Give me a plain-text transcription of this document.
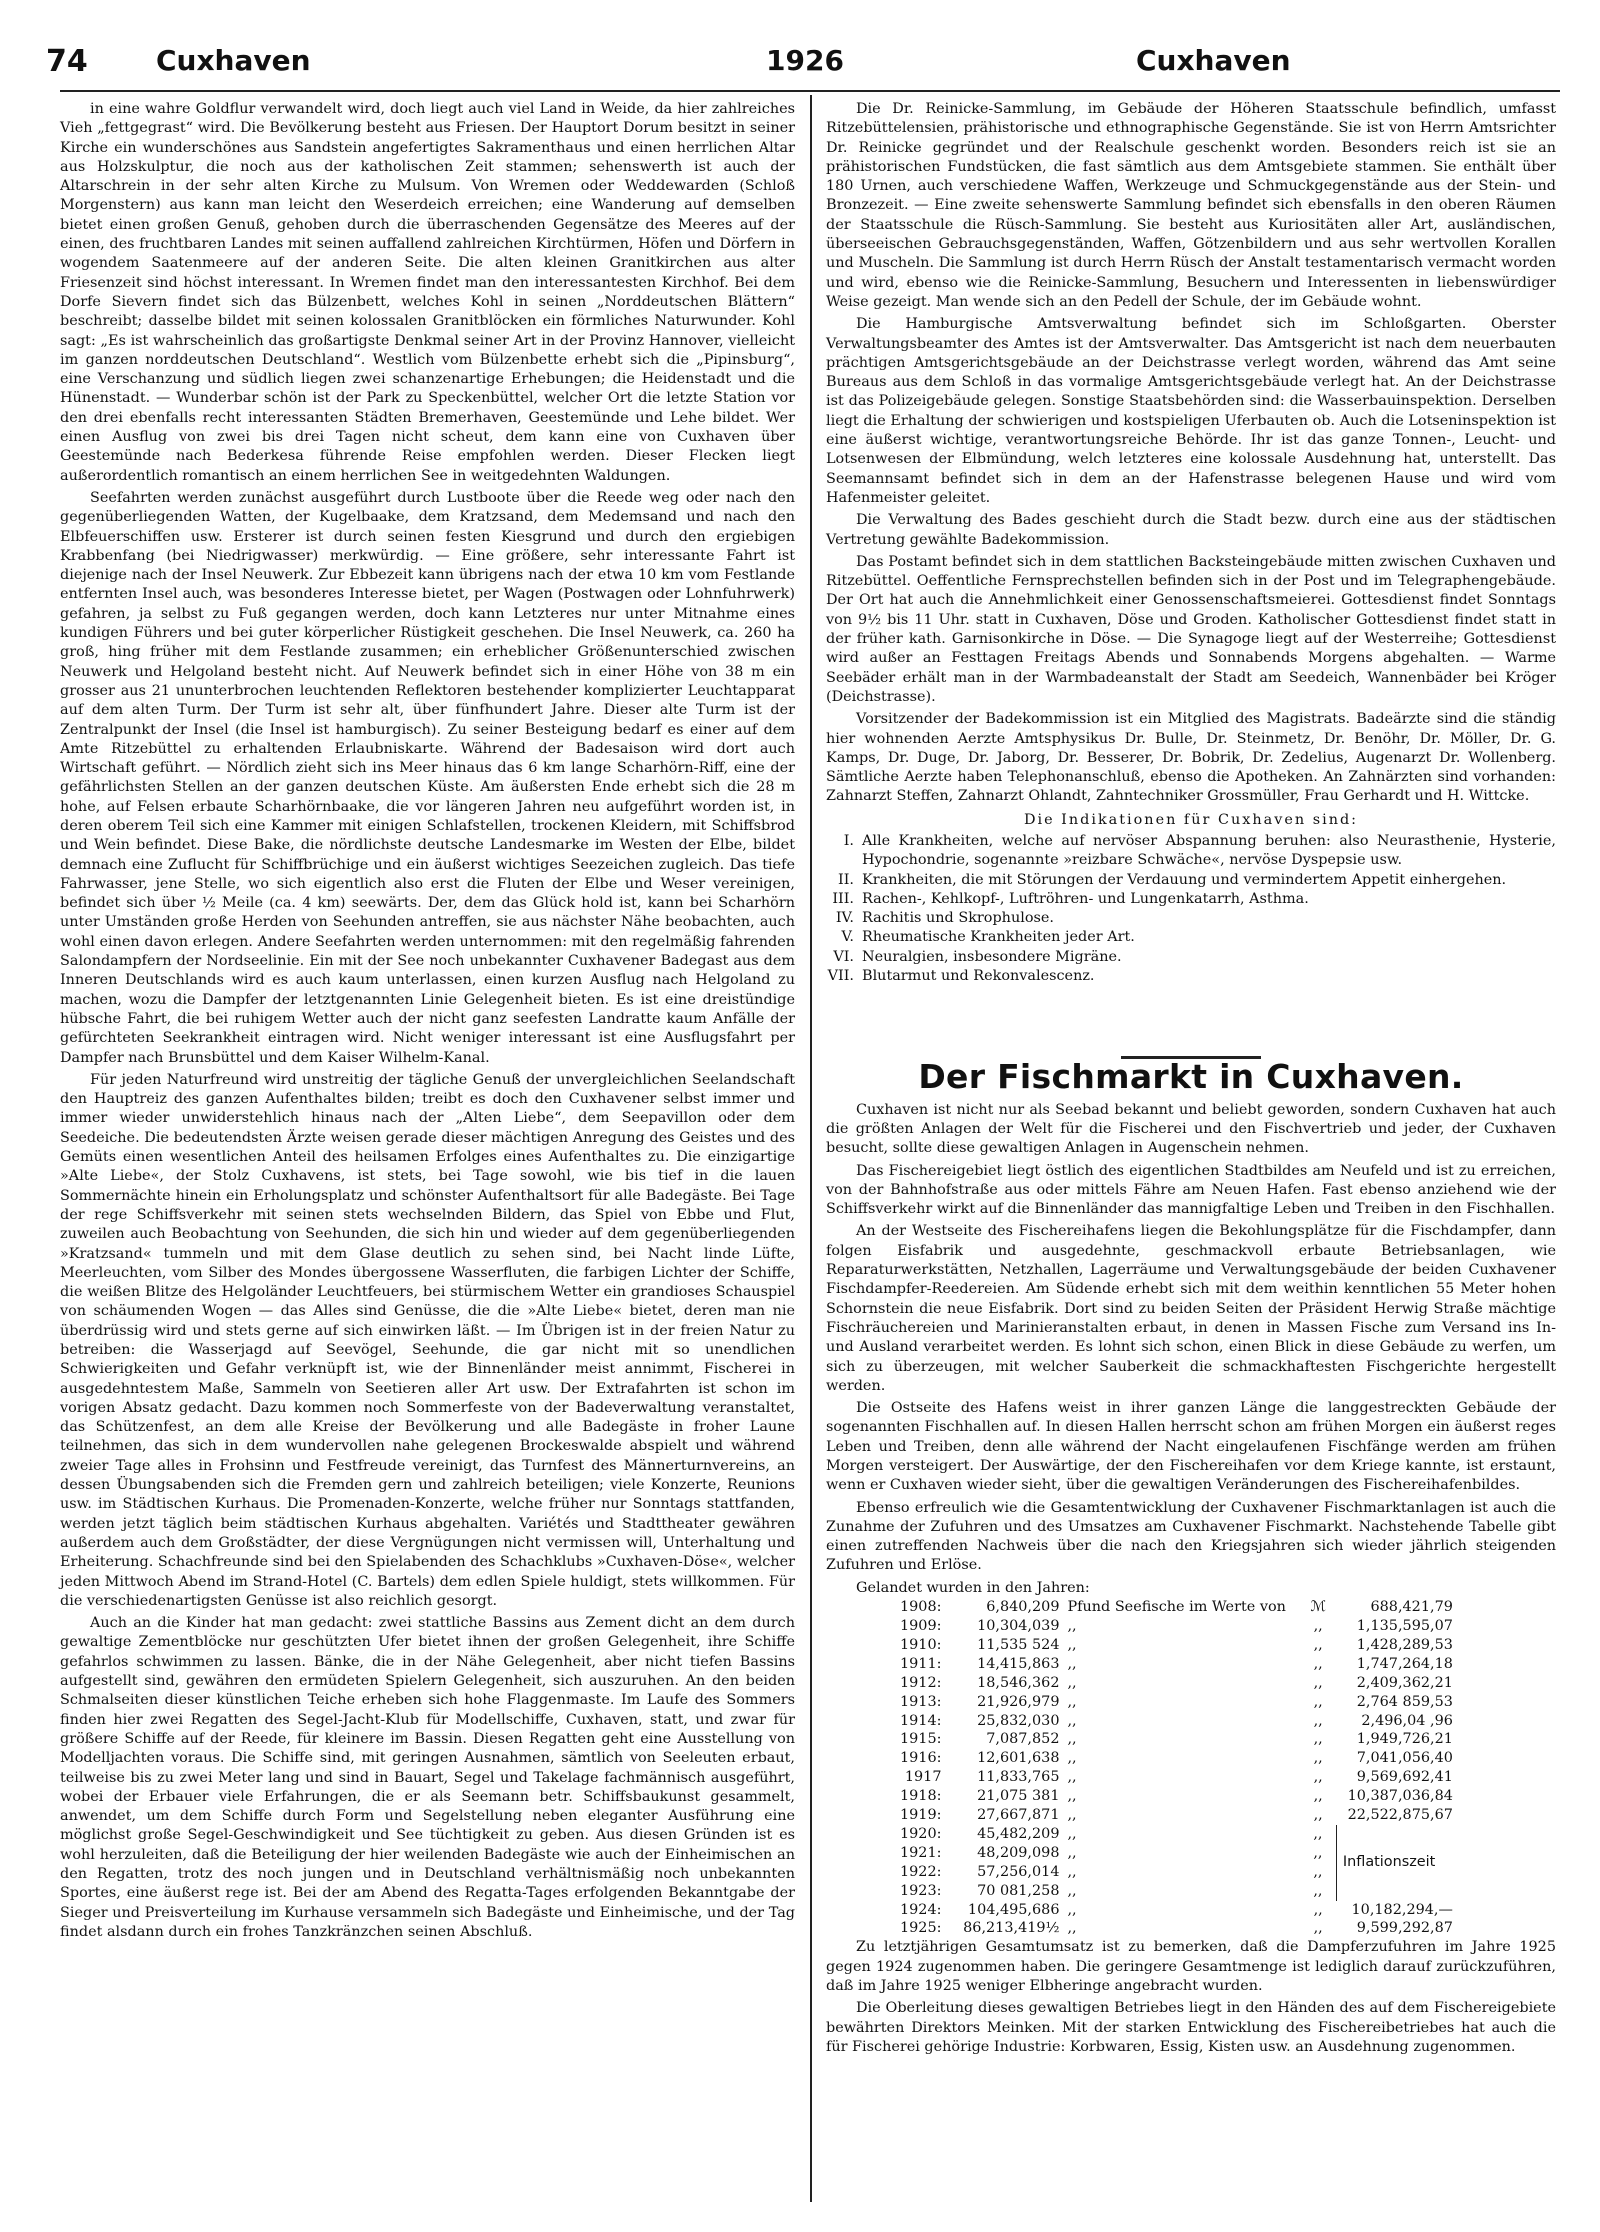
74 Cuxhaven	1926	Cuxhaven

in eine wahre Goldflur verwandelt wird, doch liegt auch viel Land in Weide, da hier zahlreiches Vieh „fettgegrast“ wird. Die Bevölkerung besteht aus Friesen. Der Hauptort Dorum besitzt in seiner Kirche ein wunderschönes aus Sandstein angefertigtes Sakramenthaus und einen herrlichen Altar aus Holzskulptur, die noch aus der katholischen Zeit stammen; sehenswerth ist auch der Altarschrein in der sehr alten Kirche zu Mulsum. Von Wremen oder Weddewarden (Schloß Morgenstern) aus kann man leicht den Weserdeich erreichen; eine Wanderung auf demselben bietet einen großen Genuß, gehoben durch die überraschenden Gegensätze des Meeres auf der einen, des fruchtbaren Landes mit seinen auffallend zahlreichen Kirchtürmen, Höfen und Dörfern in wogendem Saatenmeere auf der anderen Seite. Die alten kleinen Granitkirchen aus alter Friesenzeit sind höchst interessant. In Wremen findet man den interessantesten Kirchhof. Bei dem Dorfe Sievern findet sich das Bülzenbett, welches Kohl in seinen „Norddeutschen Blättern“ beschreibt; dasselbe bildet mit seinen kolossalen Granitblöcken ein förmliches Naturwunder. Kohl sagt: „Es ist wahrscheinlich das großartigste Denkmal seiner Art in der Provinz Hannover, vielleicht im ganzen norddeutschen Deutschland“. Westlich vom Bülzenbette erhebt sich die „Pipinsburg“, eine Verschanzung und südlich liegen zwei schanzenartige Erhebungen; die Heidenstadt und die Hünenstadt. — Wunderbar schön ist der Park zu Speckenbüttel, welcher Ort die letzte Station vor den drei ebenfalls recht interessanten Städten Bremerhaven, Geestemünde und Lehe bildet. Wer einen Ausflug von zwei bis drei Tagen nicht scheut, dem kann eine von Cuxhaven über Geestemünde nach Bederkesa führende Reise empfohlen werden. Dieser Flecken liegt außerordentlich romantisch an einem herrlichen See in weitgedehnten Waldungen.

Seefahrten werden zunächst ausgeführt durch Lustboote über die Reede weg oder nach den gegenüberliegenden Watten, der Kugelbaake, dem Kratzsand, dem Medemsand und nach den Elbfeuerschiffen usw. Ersterer ist durch seinen festen Kiesgrund und durch den ergiebigen Krabbenfang (bei Niedrigwasser) merkwürdig. — Eine größere, sehr interessante Fahrt ist diejenige nach der Insel Neuwerk. Zur Ebbezeit kann übrigens nach der etwa 10 km vom Festlande entfernten Insel auch, was besonderes Interesse bietet, per Wagen (Postwagen oder Lohnfuhrwerk) gefahren, ja selbst zu Fuß gegangen werden, doch kann Letzteres nur unter Mitnahme eines kundigen Führers und bei guter körperlicher Rüstigkeit geschehen. Die Insel Neuwerk, ca. 260 ha groß, hing früher mit dem Festlande zusammen; ein erheblicher Größenunterschied zwischen Neuwerk und Helgoland besteht nicht. Auf Neuwerk befindet sich in einer Höhe von 38 m ein grosser aus 21 ununterbrochen leuchtenden Reflektoren bestehender komplizierter Leuchtapparat auf dem alten Turm. Der Turm ist sehr alt, über fünfhundert Jahre. Dieser alte Turm ist der Zentralpunkt der Insel (die Insel ist hamburgisch). Zu seiner Besteigung bedarf es einer auf dem Amte Ritzebüttel zu erhaltenden Erlaubniskarte. Während der Badesaison wird dort auch Wirtschaft geführt. — Nördlich zieht sich ins Meer hinaus das 6 km lange Scharhörn-Riff, eine der gefährlichsten Stellen an der ganzen deutschen Küste. Am äußersten Ende erhebt sich die 28 m hohe, auf Felsen erbaute Scharhörnbaake, die vor längeren Jahren neu aufgeführt worden ist, in deren oberem Teil sich eine Kammer mit einigen Schlafstellen, trockenen Kleidern, mit Schiffsbrod und Wein befindet. Diese Bake, die nördlichste deutsche Landesmarke im Westen der Elbe, bildet demnach eine Zuflucht für Schiffbrüchige und ein äußerst wichtiges Seezeichen zugleich. Das tiefe Fahrwasser, jene Stelle, wo sich eigentlich also erst die Fluten der Elbe und Weser vereinigen, befindet sich über ½ Meile (ca. 4 km) seewärts. Der, dem das Glück hold ist, kann bei Scharhörn unter Umständen große Herden von Seehunden antreffen, sie aus nächster Nähe beobachten, auch wohl einen davon erlegen. Andere Seefahrten werden unternommen: mit den regelmäßig fahrenden Salondampfern der Nordseelinie. Ein mit der See noch unbekannter Cuxhavener Badegast aus dem Inneren Deutschlands wird es auch kaum unterlassen, einen kurzen Ausflug nach Helgoland zu machen, wozu die Dampfer der letztgenannten Linie Gelegenheit bieten. Es ist eine dreistündige hübsche Fahrt, die bei ruhigem Wetter auch der nicht ganz seefesten Landratte kaum Anfälle der gefürchteten Seekrankheit eintragen wird. Nicht weniger interessant ist eine Ausflugsfahrt per Dampfer nach Brunsbüttel und dem Kaiser Wilhelm-Kanal.

Für jeden Naturfreund wird unstreitig der tägliche Genuß der unvergleichlichen Seelandschaft den Hauptreiz des ganzen Aufenthaltes bilden; treibt es doch den Cuxhavener selbst immer und immer wieder unwiderstehlich hinaus nach der „Alten Liebe“, dem Seepavillon oder dem Seedeiche. Die bedeutendsten Ärzte weisen gerade dieser mächtigen Anregung des Geistes und des Gemüts einen wesentlichen Anteil des heilsamen Erfolges eines Aufenthaltes zu. Die einzigartige »Alte Liebe«, der Stolz Cuxhavens, ist stets, bei Tage sowohl, wie bis tief in die lauen Sommernächte hinein ein Erholungsplatz und schönster Aufenthaltsort für alle Badegäste. Bei Tage der rege Schiffsverkehr mit seinen stets wechselnden Bildern, das Spiel von Ebbe und Flut, zuweilen auch Beobachtung von Seehunden, die sich hin und wieder auf dem gegenüberliegenden »Kratzsand« tummeln und mit dem Glase deutlich zu sehen sind, bei Nacht linde Lüfte, Meerleuchten, vom Silber des Mondes übergossene Wasserfluten, die farbigen Lichter der Schiffe, die weißen Blitze des Helgoländer Leuchtfeuers, bei stürmischem Wetter ein grandioses Schauspiel von schäumenden Wogen — das Alles sind Genüsse, die die »Alte Liebe« bietet, deren man nie überdrüssig wird und stets gerne auf sich einwirken läßt. — Im Übrigen ist in der freien Natur zu betreiben: die Wasserjagd auf Seevögel, Seehunde, die gar nicht mit so unendlichen Schwierigkeiten und Gefahr verknüpft ist, wie der Binnenländer meist annimmt, Fischerei in ausgedehntestem Maße, Sammeln von Seetieren aller Art usw. Der Extrafahrten ist schon im vorigen Absatz gedacht. Dazu kommen noch Sommerfeste von der Badeverwaltung veranstaltet, das Schützenfest, an dem alle Kreise der Bevölkerung und alle Badegäste in froher Laune teilnehmen, das sich in dem wundervollen nahe gelegenen Brockeswalde abspielt und während zweier Tage alles in Frohsinn und Festfreude vereinigt, das Turnfest des Männerturnvereins, an dessen Übungsabenden sich die Fremden gern und zahlreich beteiligen; viele Konzerte, Reunions usw. im Städtischen Kurhaus. Die Promenaden-Konzerte, welche früher nur Sonntags stattfanden, werden jetzt täglich beim städtischen Kurhaus abgehalten. Variétés und Stadttheater gewähren außerdem auch dem Großstädter, der diese Vergnügungen nicht vermissen will, Unterhaltung und Erheiterung. Schachfreunde sind bei den Spielabenden des Schachklubs »Cuxhaven-Döse«, welcher jeden Mittwoch Abend im Strand-Hotel (C. Bartels) dem edlen Spiele huldigt, stets willkommen. Für die verschiedenartigsten Genüsse ist also reichlich gesorgt.

Auch an die Kinder hat man gedacht: zwei stattliche Bassins aus Zement dicht an dem durch gewaltige Zementblöcke nur geschützten Ufer bietet ihnen der großen Gelegenheit, ihre Schiffe gefahrlos schwimmen zu lassen. Bänke, die in der Nähe Gelegenheit, aber nicht tiefen Bassins aufgestellt sind, gewähren den ermüdeten Spielern Gelegenheit, sich auszuruhen. An den beiden Schmalseiten dieser künstlichen Teiche erheben sich hohe Flaggenmaste. Im Laufe des Sommers finden hier zwei Regatten des Segel-Jacht-Klub für Modellschiffe, Cuxhaven, statt, und zwar für größere Schiffe auf der Reede, für kleinere im Bassin. Diesen Regatten geht eine Ausstellung von Modelljachten voraus. Die Schiffe sind, mit geringen Ausnahmen, sämtlich von Seeleuten erbaut, teilweise bis zu zwei Meter lang und sind in Bauart, Segel und Takelage fachmännisch ausgeführt, wobei der Erbauer viele Erfahrungen, die er als Seemann betr. Schiffsbaukunst gesammelt, anwendet, um dem Schiffe durch Form und Segelstellung neben eleganter Ausführung eine möglichst große Segel-Geschwindigkeit und See tüchtigkeit zu geben. Aus diesen Gründen ist es wohl herzuleiten, daß die Beteiligung der hier weilenden Badegäste wie auch der Einheimischen an den Regatten, trotz des noch jungen und in Deutschland verhältnismäßig noch unbekannten Sportes, eine äußerst rege ist. Bei der am Abend des Regatta-Tages erfolgenden Bekanntgabe der Sieger und Preisverteilung im Kurhause versammeln sich Badegäste und Einheimische, und der Tag findet alsdann durch ein frohes Tanzkränzchen seinen Abschluß.

Die Dr. Reinicke-Sammlung, im Gebäude der Höheren Staatsschule befindlich, umfasst Ritzebüttelensien, prähistorische und ethnographische Gegenstände. Sie ist von Herrn Amtsrichter Dr. Reinicke gegründet und der Realschule geschenkt worden. Besonders reich ist sie an prähistorischen Fundstücken, die fast sämtlich aus dem Amtsgebiete stammen. Sie enthält über 180 Urnen, auch verschiedene Waffen, Werkzeuge und Schmuckgegenstände aus der Stein- und Bronzezeit. — Eine zweite sehenswerte Sammlung befindet sich ebensfalls in den oberen Räumen der Staatsschule die Rüsch-Sammlung. Sie besteht aus Kuriositäten aller Art, ausländischen, überseeischen Gebrauchsgegenständen, Waffen, Götzenbildern und aus sehr wertvollen Korallen und Muscheln. Die Sammlung ist durch Herrn Rüsch der Anstalt testamentarisch vermacht worden und wird, ebenso wie die Reinicke-Sammlung, Besuchern und Interessenten in liebenswürdiger Weise gezeigt. Man wende sich an den Pedell der Schule, der im Gebäude wohnt.

Die Hamburgische Amtsverwaltung befindet sich im Schloßgarten. Oberster Verwaltungsbeamter des Amtes ist der Amtsverwalter. Das Amtsgericht ist nach dem neuerbauten prächtigen Amtsgerichtsgebäude an der Deichstrasse verlegt worden, während das Amt seine Bureaus aus dem Schloß in das vormalige Amtsgerichtsgebäude verlegt hat. An der Deichstrasse ist das Polizeigebäude gelegen. Sonstige Staatsbehörden sind: die Wasserbauinspektion. Derselben liegt die Erhaltung der schwierigen und kostspieligen Uferbauten ob. Auch die Lotseninspektion ist eine äußerst wichtige, verantwortungsreiche Behörde. Ihr ist das ganze Tonnen-, Leucht- und Lotsenwesen der Elbmündung, welch letzteres eine kolossale Ausdehnung hat, unterstellt. Das Seemannsamt befindet sich in dem an der Hafenstrasse belegenen Hause und wird vom Hafenmeister geleitet.

Die Verwaltung des Bades geschieht durch die Stadt bezw. durch eine aus der städtischen Vertretung gewählte Badekommission.

Das Postamt befindet sich in dem stattlichen Backsteingebäude mitten zwischen Cuxhaven und Ritzebüttel. Oeffentliche Fernsprechstellen befinden sich in der Post und im Telegraphengebäude. Der Ort hat auch die Annehmlichkeit einer Genossenschaftsmeierei. Gottesdienst findet Sonntags von 9½ bis 11 Uhr. statt in Cuxhaven, Döse und Groden. Katholischer Gottesdienst findet statt in der früher kath. Garnisonkirche in Döse. — Die Synagoge liegt auf der Westerreihe; Gottesdienst wird außer an Festtagen Freitags Abends und Sonnabends Morgens abgehalten. — Warme Seebäder erhält man in der Warmbadeanstalt der Stadt am Seedeich, Wannenbäder bei Kröger (Deichstrasse).

Vorsitzender der Badekommission ist ein Mitglied des Magistrats. Badeärzte sind die ständig hier wohnenden Aerzte Amtsphysikus Dr. Bulle, Dr. Steinmetz, Dr. Benöhr, Dr. Möller, Dr. G. Kamps, Dr. Duge, Dr. Jaborg, Dr. Besserer, Dr. Bobrik, Dr. Zedelius, Augenarzt Dr. Wollenberg. Sämtliche Aerzte haben Telephonanschluß, ebenso die Apotheken. An Zahnärzten sind vorhanden: Zahnarzt Steffen, Zahnarzt Ohlandt, Zahntechniker Grossmüller, Frau Gerhardt und H. Wittcke.

Die Indikationen für Cuxhaven sind:
I. Alle Krankheiten, welche auf nervöser Abspannung beruhen: also Neurasthenie, Hysterie, Hypochondrie, sogenannte »reizbare Schwäche«, nervöse Dyspepsie usw.
II. Krankheiten, die mit Störungen der Verdauung und vermindertem Appetit einhergehen.
III. Rachen-, Kehlkopf-, Luftröhren- und Lungenkatarrh, Asthma.
IV. Rachitis und Skrophulose.
V. Rheumatische Krankheiten jeder Art.
VI. Neuralgien, insbesondere Migräne.
VII. Blutarmut und Rekonvalescenz.
Der Fischmarkt in Cuxhaven.

Cuxhaven ist nicht nur als Seebad bekannt und beliebt geworden, sondern Cuxhaven hat auch die größten Anlagen der Welt für die Fischerei und den Fischvertrieb und jeder, der Cuxhaven besucht, sollte diese gewaltigen Anlagen in Augenschein nehmen.

Das Fischereigebiet liegt östlich des eigentlichen Stadtbildes am Neufeld und ist zu erreichen, von der Bahnhofstraße aus oder mittels Fähre am Neuen Hafen. Fast ebenso anziehend wie der Schiffsverkehr wirkt auf die Binnenländer das mannigfaltige Leben und Treiben in den Fischhallen.

An der Westseite des Fischereihafens liegen die Bekohlungsplätze für die Fischdampfer, dann folgen Eisfabrik und ausgedehnte, geschmackvoll erbaute Betriebsanlagen, wie Reparaturwerkstätten, Netzhallen, Lagerräume und Verwaltungsgebäude der beiden Cuxhavener Fischdampfer-Reedereien. Am Südende erhebt sich mit dem weithin kenntlichen 55 Meter hohen Schornstein die neue Eisfabrik. Dort sind zu beiden Seiten der Präsident Herwig Straße mächtige Fischräuchereien und Marinieranstalten erbaut, in denen in Massen Fische zum Versand ins In- und Ausland verarbeitet werden. Es lohnt sich schon, einen Blick in diese Gebäude zu werfen, um sich zu überzeugen, mit welcher Sauberkeit die schmackhaftesten Fischgerichte hergestellt werden.

Die Ostseite des Hafens weist in ihrer ganzen Länge die langgestreckten Gebäude der sogenannten Fischhallen auf. In diesen Hallen herrscht schon am frühen Morgen ein äußerst reges Leben und Treiben, denn alle während der Nacht eingelaufenen Fischfänge werden am frühen Morgen versteigert. Der Auswärtige, der den Fischereihafen vor dem Kriege kannte, ist erstaunt, wenn er Cuxhaven wieder sieht, über die gewaltigen Veränderungen des Fischereihafenbildes.

Ebenso erfreulich wie die Gesamtentwicklung der Cuxhavener Fischmarktanlagen ist auch die Zunahme der Zufuhren und des Umsatzes am Cuxhavener Fischmarkt. Nachstehende Tabelle gibt einen zutreffenden Nachweis über die nach den Kriegsjahren sich wieder jährlich steigenden Zufuhren und Erlöse.

Gelandet wurden in den Jahren:

1908:	6,840,209	Pfund Seefische im Werte von	ℳ	688,421,79
1909:	10,304,039	,,	,,	1,135,595,07
1910:	11,535 524	,,	,,	1,428,289,53
1911:	14,415,863	,,	,,	1,747,264,18
1912:	18,546,362	,,	,,	2,409,362,21
1913:	21,926,979	,,	,,	2,764 859,53
1914:	25,832,030	,,	,,	2,496,04 ,96
1915:	7,087,852	,,	,,	1,949,726,21
1916:	12,601,638	,,	,,	7,041,056,40
1917	11,833,765	,,	,,	9,569,692,41
1918:	21,075 381	,,	,,	10,387,036,84
1919:	27,667,871	,,	,,	22,522,875,67
1920:	45,482,209	,,	,,	Inflationszeit
1921:	48,209,098	,,	,,	
1922:	57,256,014	,,	,,	
1923:	70 081,258	,,	,,	
1924:	104,495,686	,,	,,	10,182,294,—
1925:	86,213,419½	,,	,,	9,599,292,87

Zu letztjährigen Gesamtumsatz ist zu bemerken, daß die Dampferzufuhren im Jahre 1925 gegen 1924 zugenommen haben. Die geringere Gesamtmenge ist lediglich darauf zurückzuführen, daß im Jahre 1925 weniger Elbheringe angebracht wurden.

Die Oberleitung dieses gewaltigen Betriebes liegt in den Händen des auf dem Fischereigebiete bewährten Direktors Meinken. Mit der starken Entwicklung des Fischereibetriebes hat auch die für Fischerei gehörige Industrie: Korbwaren, Essig, Kisten usw. an Ausdehnung zugenommen.
